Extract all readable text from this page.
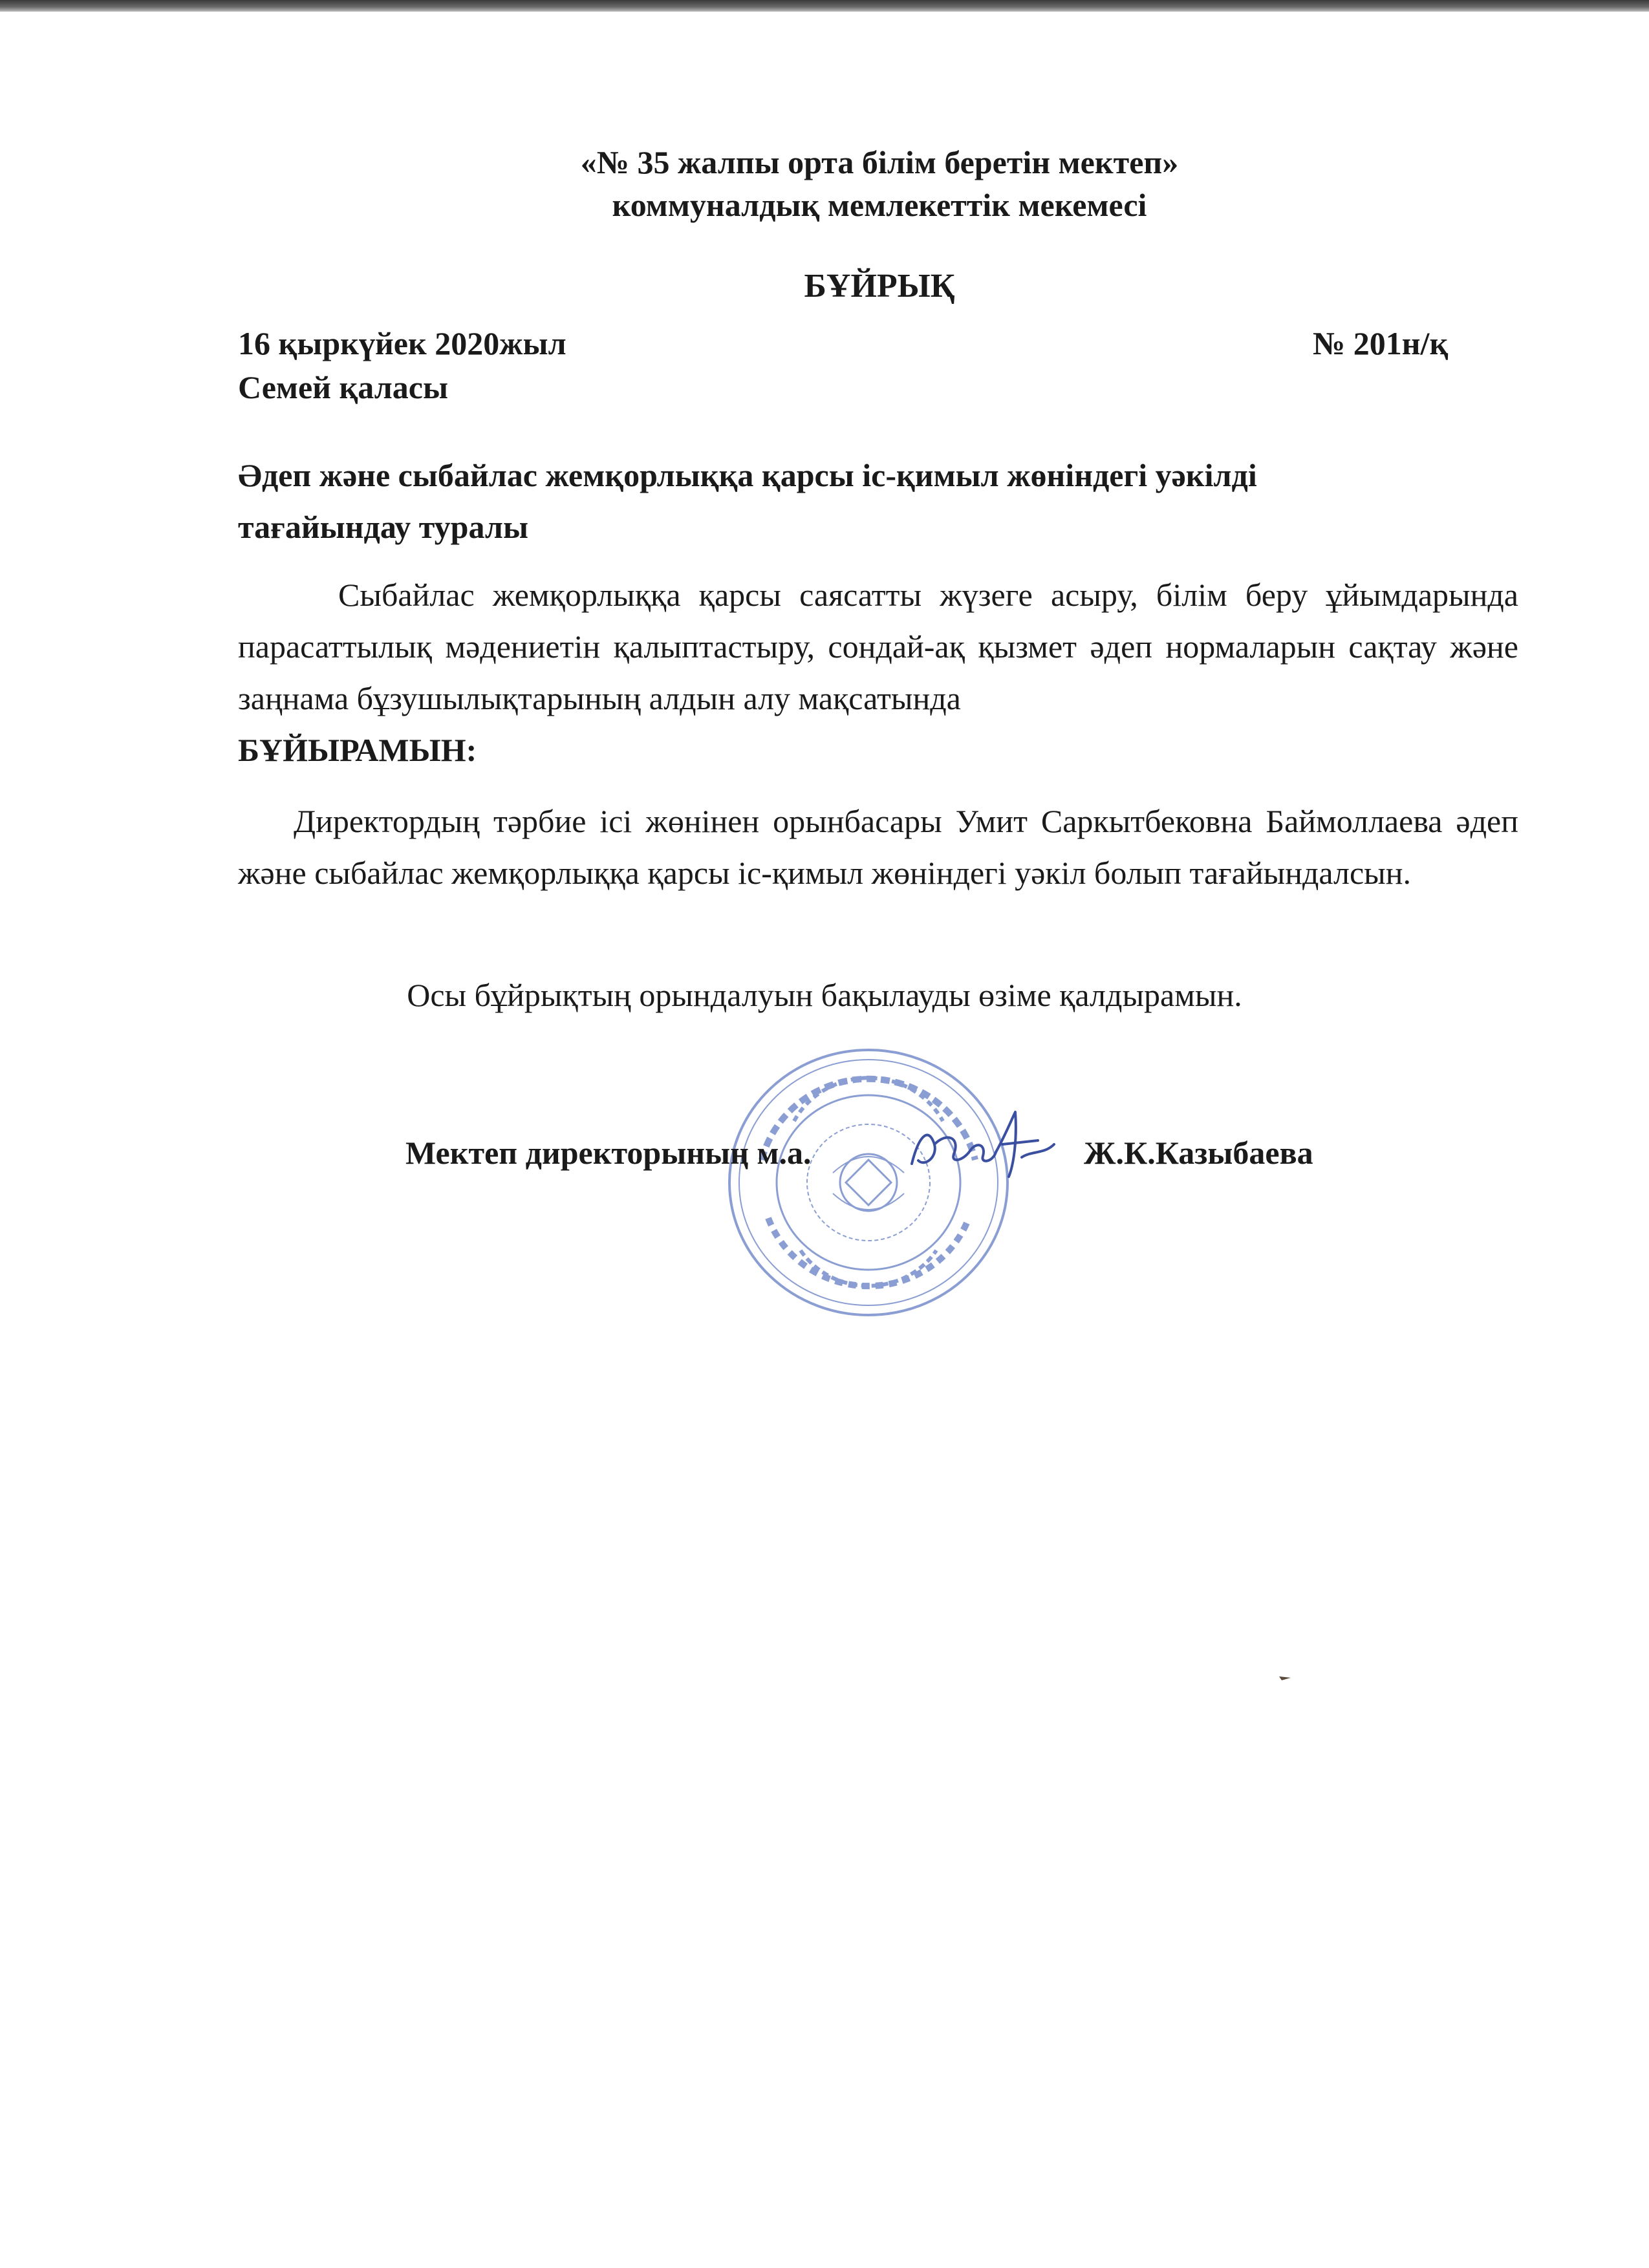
«№ 35 жалпы орта білім беретін мектеп»
коммуналдық мемлекеттік мекемесі
БҰЙРЫҚ
16 қыркүйек 2020жыл	№ 201н/қ
Семей қаласы
Әдеп және сыбайлас жемқорлыққа қарсы іс-қимыл жөніндегі уәкілді тағайындау туралы
Сыбайлас жемқорлыққа қарсы саясатты жүзеге асыру, білім беру ұйымдарында парасаттылық мәдениетін қалыптастыру, сондай-ақ қызмет әдеп нормаларын сақтау және заңнама бұзушылықтарының алдын алу мақсатында
БҰЙЫРАМЫН:
Директордың тәрбие ісі жөнінен орынбасары Умит Саркытбековна Баймоллаева әдеп және сыбайлас жемқорлыққа қарсы іс-қимыл жөніндегі уәкіл болып тағайындалсын.
Осы бұйрықтың орындалуын бақылауды өзіме қалдырамын.
Мектеп директорының м.а.	Ж.К.Казыбаева
